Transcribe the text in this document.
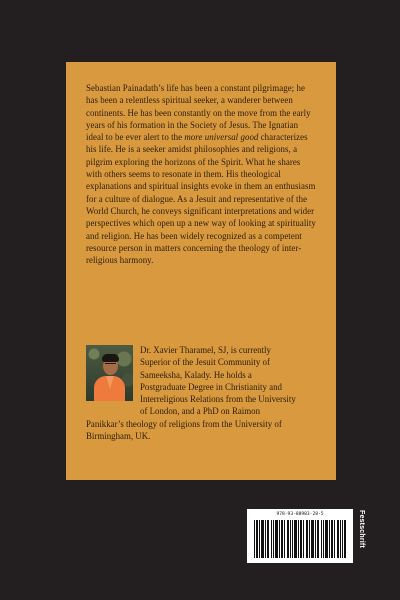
Sebastian Painadath’s life has been a constant pilgrimage; he has been a relentless spiritual seeker, a wanderer between continents. He has been constantly on the move from the early years of his formation in the Society of Jesus. The Ignatian ideal to be ever alert to the more universal good characterizes his life. He is a seeker amidst philosophies and religions, a pilgrim exploring the horizons of the Spirit. What he shares with others seems to resonate in them. His theological explanations and spiritual insights evoke in them an enthusiasm for a culture of dialogue. As a Jesuit and representative of the World Church, he conveys significant interpretations and wider perspectives which open up a new way of looking at spirituality and religion. He has been widely recognized as a competent resource person in matters concerning the theology of inter-religious harmony.

Dr. Xavier Tharamel, SJ, is currently
Superior of the Jesuit Community of
Sameeksha, Kalady. He holds a
Postgraduate Degree in Christianity and
Interreligious Relations from the University
of London, and a PhD on Raimon
Panikkar’s theology of religions from the University of
Birmingham, UK.

978-93-88983-28-5	Festschrift
